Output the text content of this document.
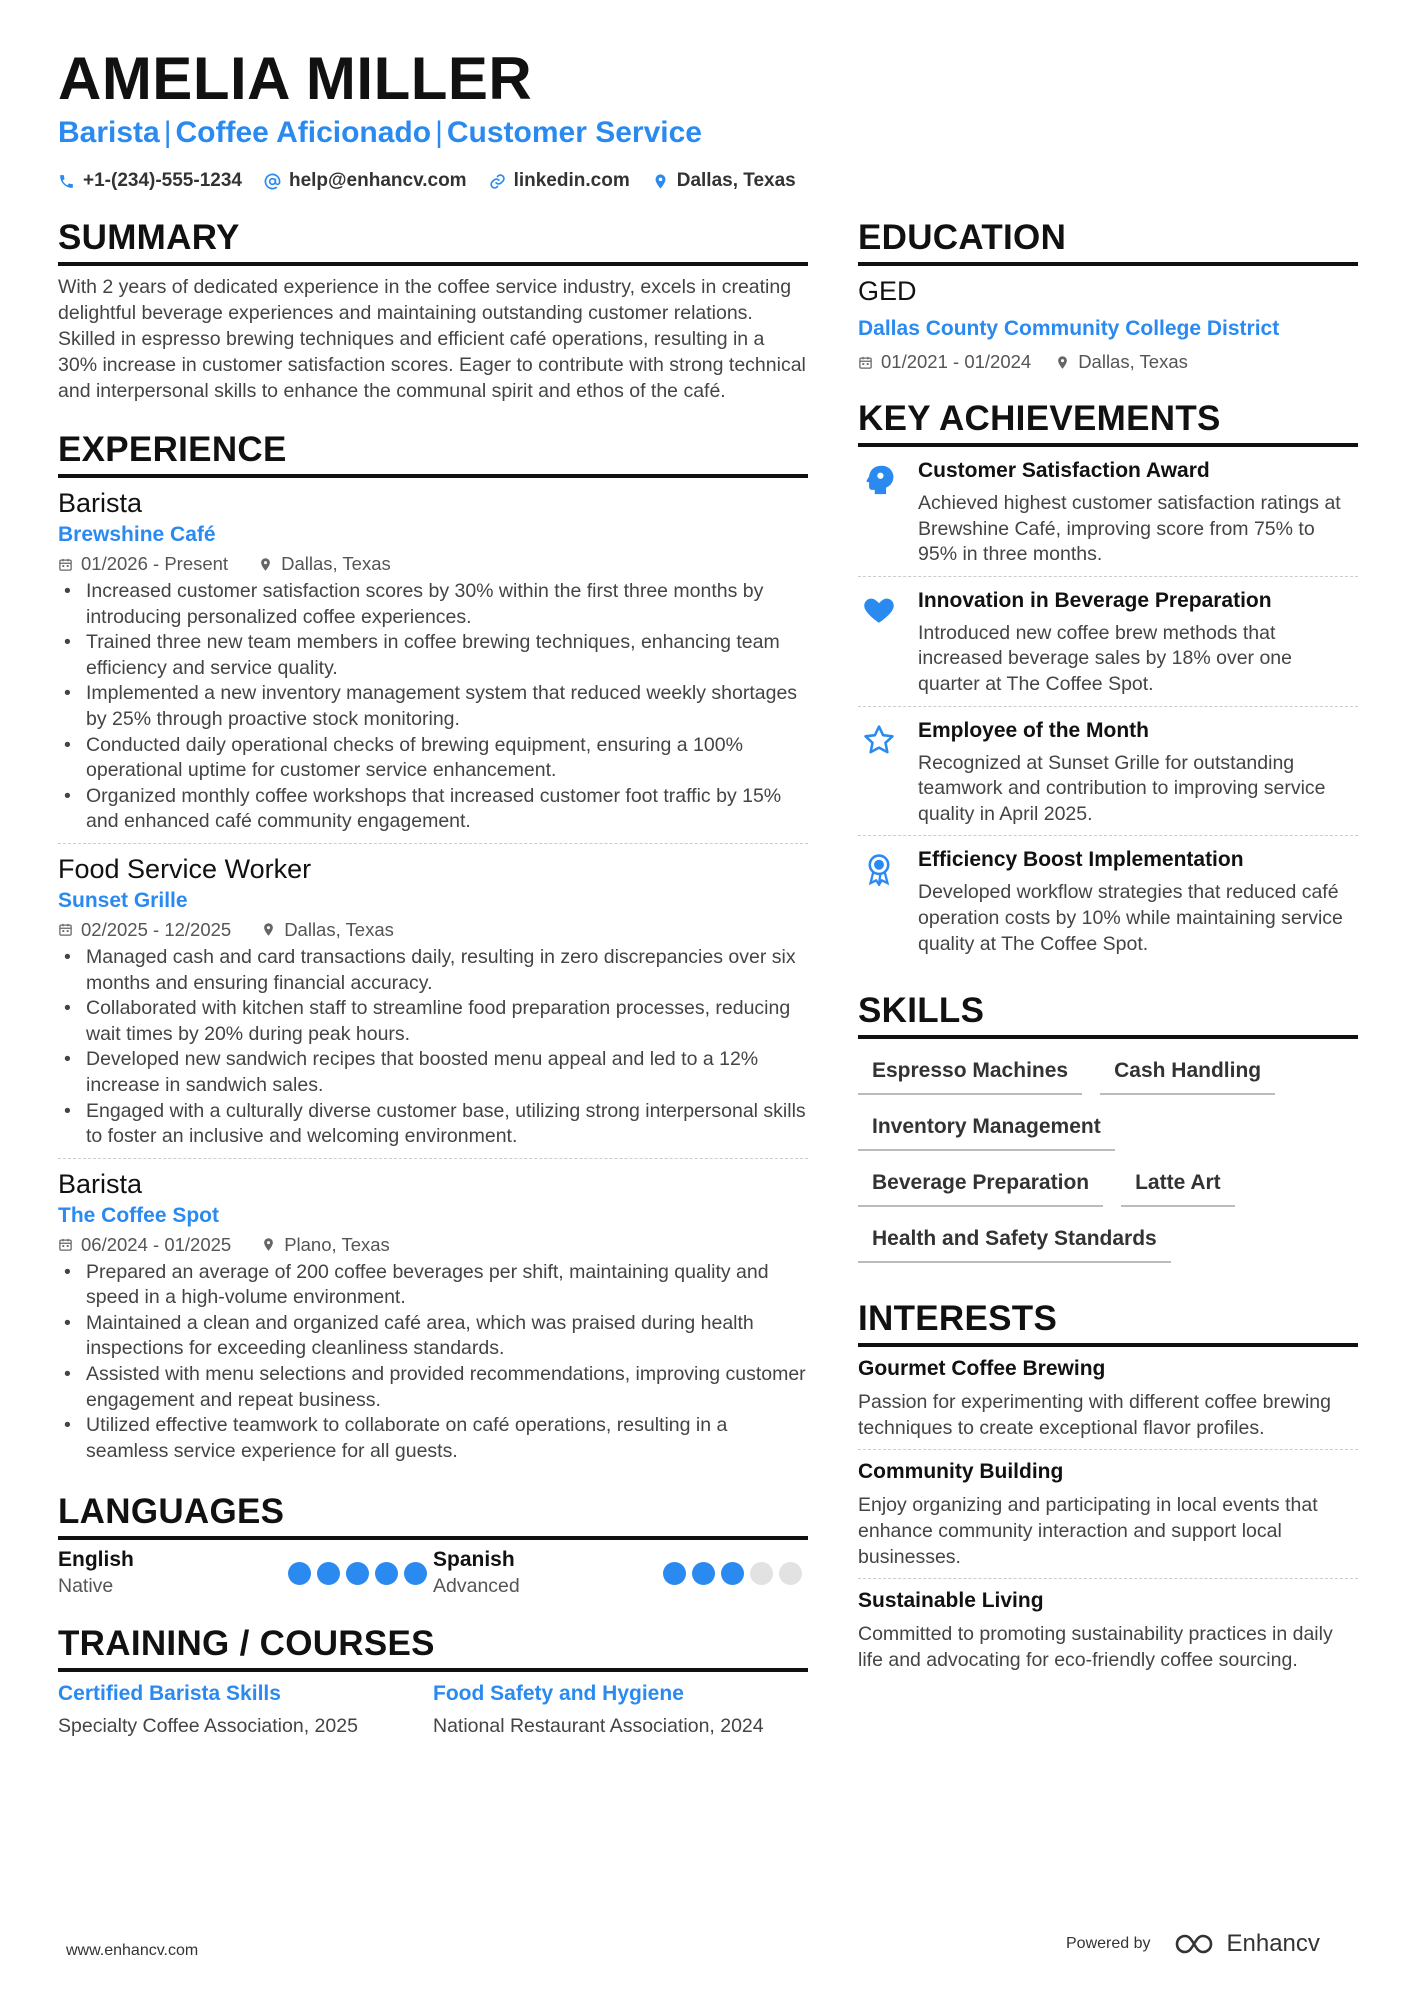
AMELIA MILLER
Barista | Coffee Aficionado | Customer Service
+1-(234)-555-1234 help@enhancv.com linkedin.com Dallas, Texas
SUMMARY
With 2 years of dedicated experience in the coffee service industry, excels in creating delightful beverage experiences and maintaining outstanding customer relations. Skilled in espresso brewing techniques and efficient café operations, resulting in a 30% increase in customer satisfaction scores. Eager to contribute with strong technical and interpersonal skills to enhance the communal spirit and ethos of the café.
EXPERIENCE
Barista
Brewshine Café
01/2026 - Present	Dallas, Texas
• Increased customer satisfaction scores by 30% within the first three months by introducing personalized coffee experiences.
• Trained three new team members in coffee brewing techniques, enhancing team efficiency and service quality.
• Implemented a new inventory management system that reduced weekly shortages by 25% through proactive stock monitoring.
• Conducted daily operational checks of brewing equipment, ensuring a 100% operational uptime for customer service enhancement.
• Organized monthly coffee workshops that increased customer foot traffic by 15% and enhanced café community engagement.
Food Service Worker
Sunset Grille
02/2025 - 12/2025	Dallas, Texas
• Managed cash and card transactions daily, resulting in zero discrepancies over six months and ensuring financial accuracy.
• Collaborated with kitchen staff to streamline food preparation processes, reducing wait times by 20% during peak hours.
• Developed new sandwich recipes that boosted menu appeal and led to a 12% increase in sandwich sales.
• Engaged with a culturally diverse customer base, utilizing strong interpersonal skills to foster an inclusive and welcoming environment.
Barista
The Coffee Spot
06/2024 - 01/2025	Plano, Texas
• Prepared an average of 200 coffee beverages per shift, maintaining quality and speed in a high-volume environment.
• Maintained a clean and organized café area, which was praised during health inspections for exceeding cleanliness standards.
• Assisted with menu selections and provided recommendations, improving customer engagement and repeat business.
• Utilized effective teamwork to collaborate on café operations, resulting in a seamless service experience for all guests.
LANGUAGES
English
Native
Spanish
Advanced
TRAINING / COURSES
Certified Barista Skills
Specialty Coffee Association, 2025
Food Safety and Hygiene
National Restaurant Association, 2024
EDUCATION
GED
Dallas County Community College District
01/2021 - 01/2024	Dallas, Texas
KEY ACHIEVEMENTS
Customer Satisfaction Award
Achieved highest customer satisfaction ratings at Brewshine Café, improving score from 75% to 95% in three months.
Innovation in Beverage Preparation
Introduced new coffee brew methods that increased beverage sales by 18% over one quarter at The Coffee Spot.
Employee of the Month
Recognized at Sunset Grille for outstanding teamwork and contribution to improving service quality in April 2025.
Efficiency Boost Implementation
Developed workflow strategies that reduced café operation costs by 10% while maintaining service quality at The Coffee Spot.
SKILLS
Espresso Machines	Cash Handling
Inventory Management
Beverage Preparation	Latte Art
Health and Safety Standards
INTERESTS
Gourmet Coffee Brewing
Passion for experimenting with different coffee brewing techniques to create exceptional flavor profiles.
Community Building
Enjoy organizing and participating in local events that enhance community interaction and support local businesses.
Sustainable Living
Committed to promoting sustainability practices in daily life and advocating for eco-friendly coffee sourcing.
www.enhancv.com	Powered by	Enhancv
